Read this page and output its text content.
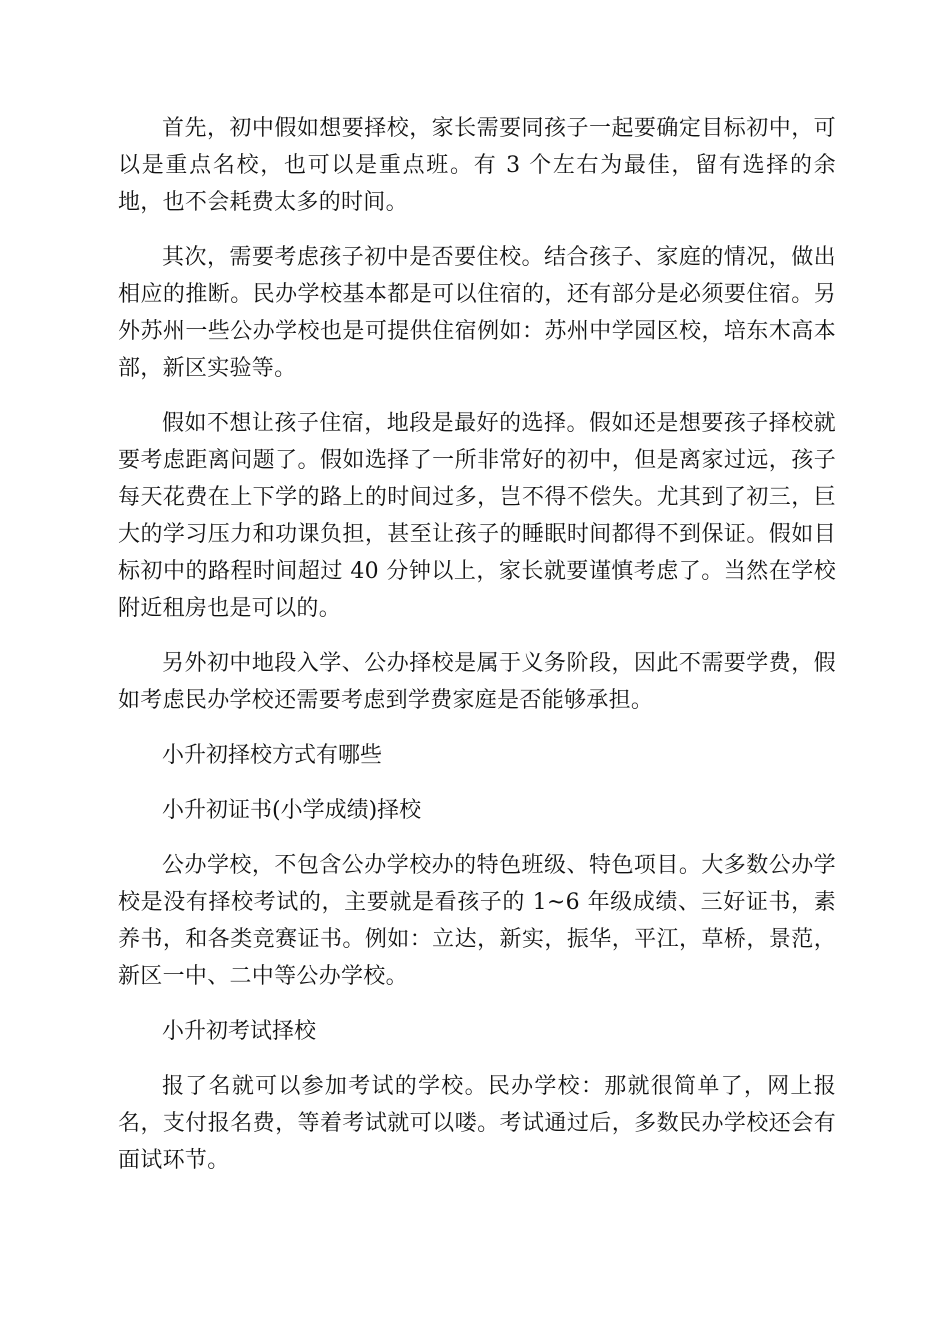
首先，初中假如想要择校，家长需要同孩子一起要确定目标初中，可以是重点名校，也可以是重点班。有 3 个左右为最佳，留有选择的余地，也不会耗费太多的时间。

其次，需要考虑孩子初中是否要住校。结合孩子、家庭的情况，做出相应的推断。民办学校基本都是可以住宿的，还有部分是必须要住宿。另外苏州一些公办学校也是可提供住宿例如：苏州中学园区校，培东木高本部，新区实验等。

假如不想让孩子住宿，地段是最好的选择。假如还是想要孩子择校就要考虑距离问题了。假如选择了一所非常好的初中，但是离家过远，孩子每天花费在上下学的路上的时间过多，岂不得不偿失。尤其到了初三，巨大的学习压力和功课负担，甚至让孩子的睡眠时间都得不到保证。假如目标初中的路程时间超过 40 分钟以上，家长就要谨慎考虑了。当然在学校附近租房也是可以的。

另外初中地段入学、公办择校是属于义务阶段，因此不需要学费，假如考虑民办学校还需要考虑到学费家庭是否能够承担。

小升初择校方式有哪些

小升初证书(小学成绩)择校

公办学校，不包含公办学校办的特色班级、特色项目。大多数公办学校是没有择校考试的，主要就是看孩子的 1~6 年级成绩、三好证书，素养书，和各类竞赛证书。例如：立达，新实，振华，平江，草桥，景范，新区一中、二中等公办学校。

小升初考试择校

报了名就可以参加考试的学校。民办学校：那就很简单了，网上报名，支付报名费，等着考试就可以喽。考试通过后，多数民办学校还会有面试环节。
